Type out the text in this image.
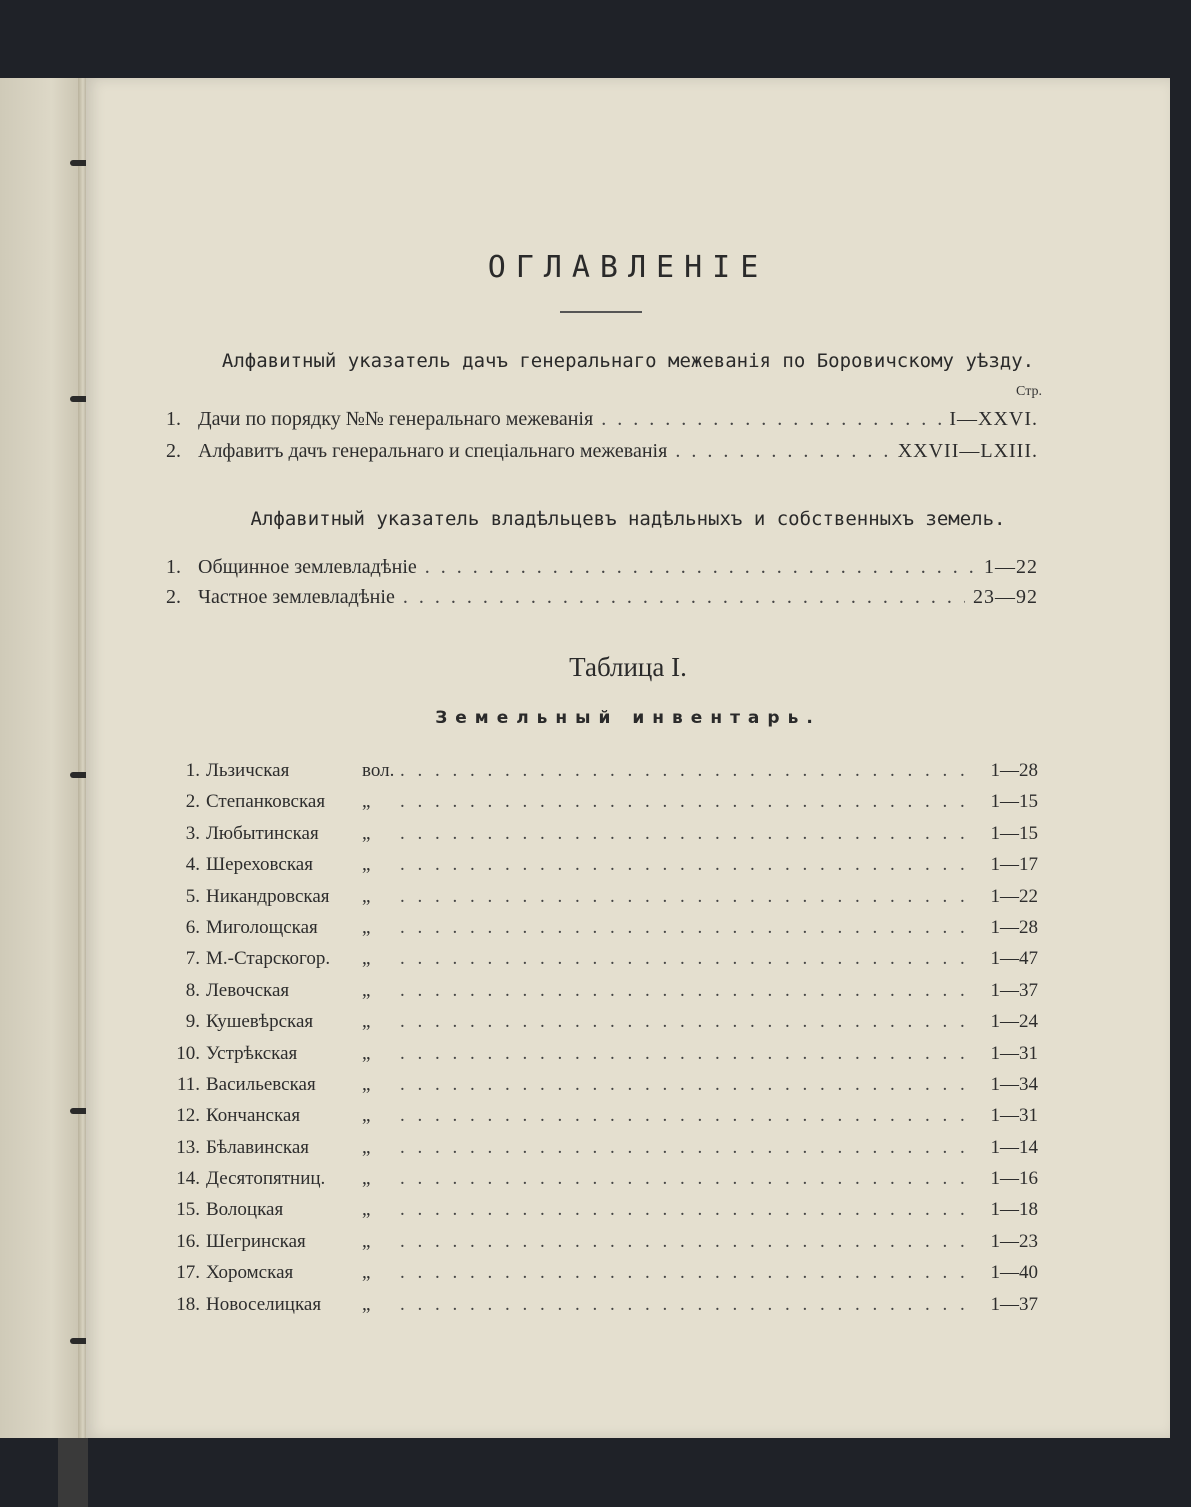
ОГЛАВЛЕНІЕ
Алфавитный указатель дачъ генеральнаго межеванія по Боровичскому уѣзду.
Стр.
1. Дачи по порядку №№ генеральнаго межеванія . . .	I—XXVI.
2. Алфавитъ дачъ генеральнаго и спеціальнаго межеванія . . .	XXVII—LXIII.
Алфавитный указатель владѣльцевъ надѣльныхъ и собственныхъ земель.
1. Общинное землевладѣніе . . .	1—22
2. Частное землевладѣніе . . .	23—92
Таблица I.
Земельный инвентарь.
1. Льзичская	вол. . . .	1—28
2. Степанковская	„ . . .	1—15
3. Любытинская	„ . . .	1—15
4. Шереховская	„ . . .	1—17
5. Никандровская	„ . . .	1—22
6. Миголощская	„ . . .	1—28
7. М.-Старскогор.	„ . . .	1—47
8. Левочская	„ . . .	1—37
9. Кушевѣрская	„ . . .	1—24
10. Устрѣкская	„ . . .	1—31
11. Васильевская	„ . . .	1—34
12. Кончанская	„ . . .	1—31
13. Бѣлавинская	„ . . .	1—14
14. Десятопятниц.	„ . . .	1—16
15. Волоцкая	„ . . .	1—18
16. Шегринская	„ . . .	1—23
17. Хоромская	„ . . .	1—40
18. Новоселицкая	„ . . .	1—37
